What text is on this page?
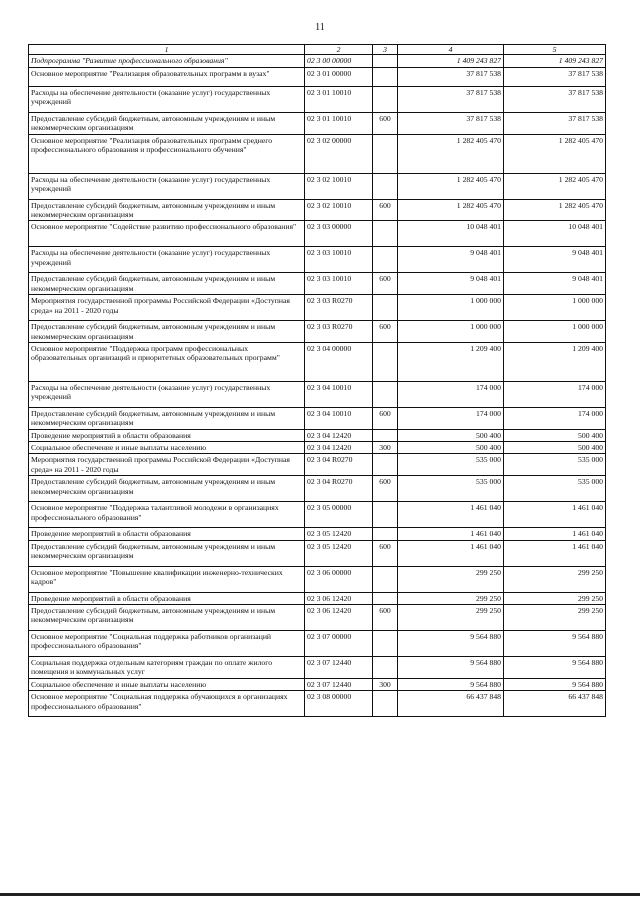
11
1	2	3	4	5
Подпрограмма "Развитие профессионального образования"	02 3 00 00000		1 409 243 827	1 409 243 827
Основное мероприятие "Реализация образовательных программ в вузах"	02 3 01 00000		37 817 538	37 817 538
Расходы на обеспечение деятельности (оказание услуг) государственных учреждений	02 3 01 10010		37 817 538	37 817 538
Предоставление субсидий бюджетным, автономным учреждениям и иным некоммерческим организациям	02 3 01 10010	600	37 817 538	37 817 538
Основное мероприятие "Реализация образовательных программ среднего профессионального образования и профессионального обучения"	02 3 02 00000		1 282 405 470	1 282 405 470
Расходы на обеспечение деятельности (оказание услуг) государственных учреждений	02 3 02 10010		1 282 405 470	1 282 405 470
Предоставление субсидий бюджетным, автономным учреждениям и иным некоммерческим организациям	02 3 02 10010	600	1 282 405 470	1 282 405 470
Основное мероприятие "Содействие развитию профессионального образования"	02 3 03 00000		10 048 401	10 048 401
Расходы на обеспечение деятельности (оказание услуг) государственных учреждений	02 3 03 10010		9 048 401	9 048 401
Предоставление субсидий бюджетным, автономным учреждениям и иным некоммерческим организациям	02 3 03 10010	600	9 048 401	9 048 401
Мероприятия государственной программы Российской Федерации «Доступная среда» на 2011 - 2020 годы	02 3 03 R0270		1 000 000	1 000 000
Предоставление субсидий бюджетным, автономным учреждениям и иным некоммерческим организациям	02 3 03 R0270	600	1 000 000	1 000 000
Основное мероприятие "Поддержка программ профессиональных образовательных организаций и приоритетных образовательных программ"	02 3 04 00000		1 209 400	1 209 400
Расходы на обеспечение деятельности (оказание услуг) государственных учреждений	02 3 04 10010		174 000	174 000
Предоставление субсидий бюджетным, автономным учреждениям и иным некоммерческим организациям	02 3 04 10010	600	174 000	174 000
Проведение мероприятий в области образования	02 3 04 12420		500 400	500 400
Социальное обеспечение и иные выплаты населению	02 3 04 12420	300	500 400	500 400
Мероприятия государственной программы Российской Федерации «Доступная среда» на 2011 - 2020 годы	02 3 04 R0270		535 000	535 000
Предоставление субсидий бюджетным, автономным учреждениям и иным некоммерческим организациям	02 3 04 R0270	600	535 000	535 000
Основное мероприятие "Поддержка талантливой молодежи в организациях профессионального образования"	02 3 05 00000		1 461 040	1 461 040
Проведение мероприятий в области образования	02 3 05 12420		1 461 040	1 461 040
Предоставление субсидий бюджетным, автономным учреждениям и иным некоммерческим организациям	02 3 05 12420	600	1 461 040	1 461 040
Основное мероприятие "Повышение квалификации инженерно-технических кадров"	02 3 06 00000		299 250	299 250
Проведение мероприятий в области образования	02 3 06 12420		299 250	299 250
Предоставление субсидий бюджетным, автономным учреждениям и иным некоммерческим организациям	02 3 06 12420	600	299 250	299 250
Основное мероприятие "Социальная поддержка работников организаций профессионального образования"	02 3 07 00000		9 564 880	9 564 880
Социальная поддержка отдельным категориям граждан по оплате жилого помещения и коммунальных услуг	02 3 07 12440		9 564 880	9 564 880
Социальное обеспечение и иные выплаты населению	02 3 07 12440	300	9 564 880	9 564 880
Основное мероприятие "Социальная поддержка обучающихся в организациях профессионального образования"	02 3 08 00000		66 437 848	66 437 848
